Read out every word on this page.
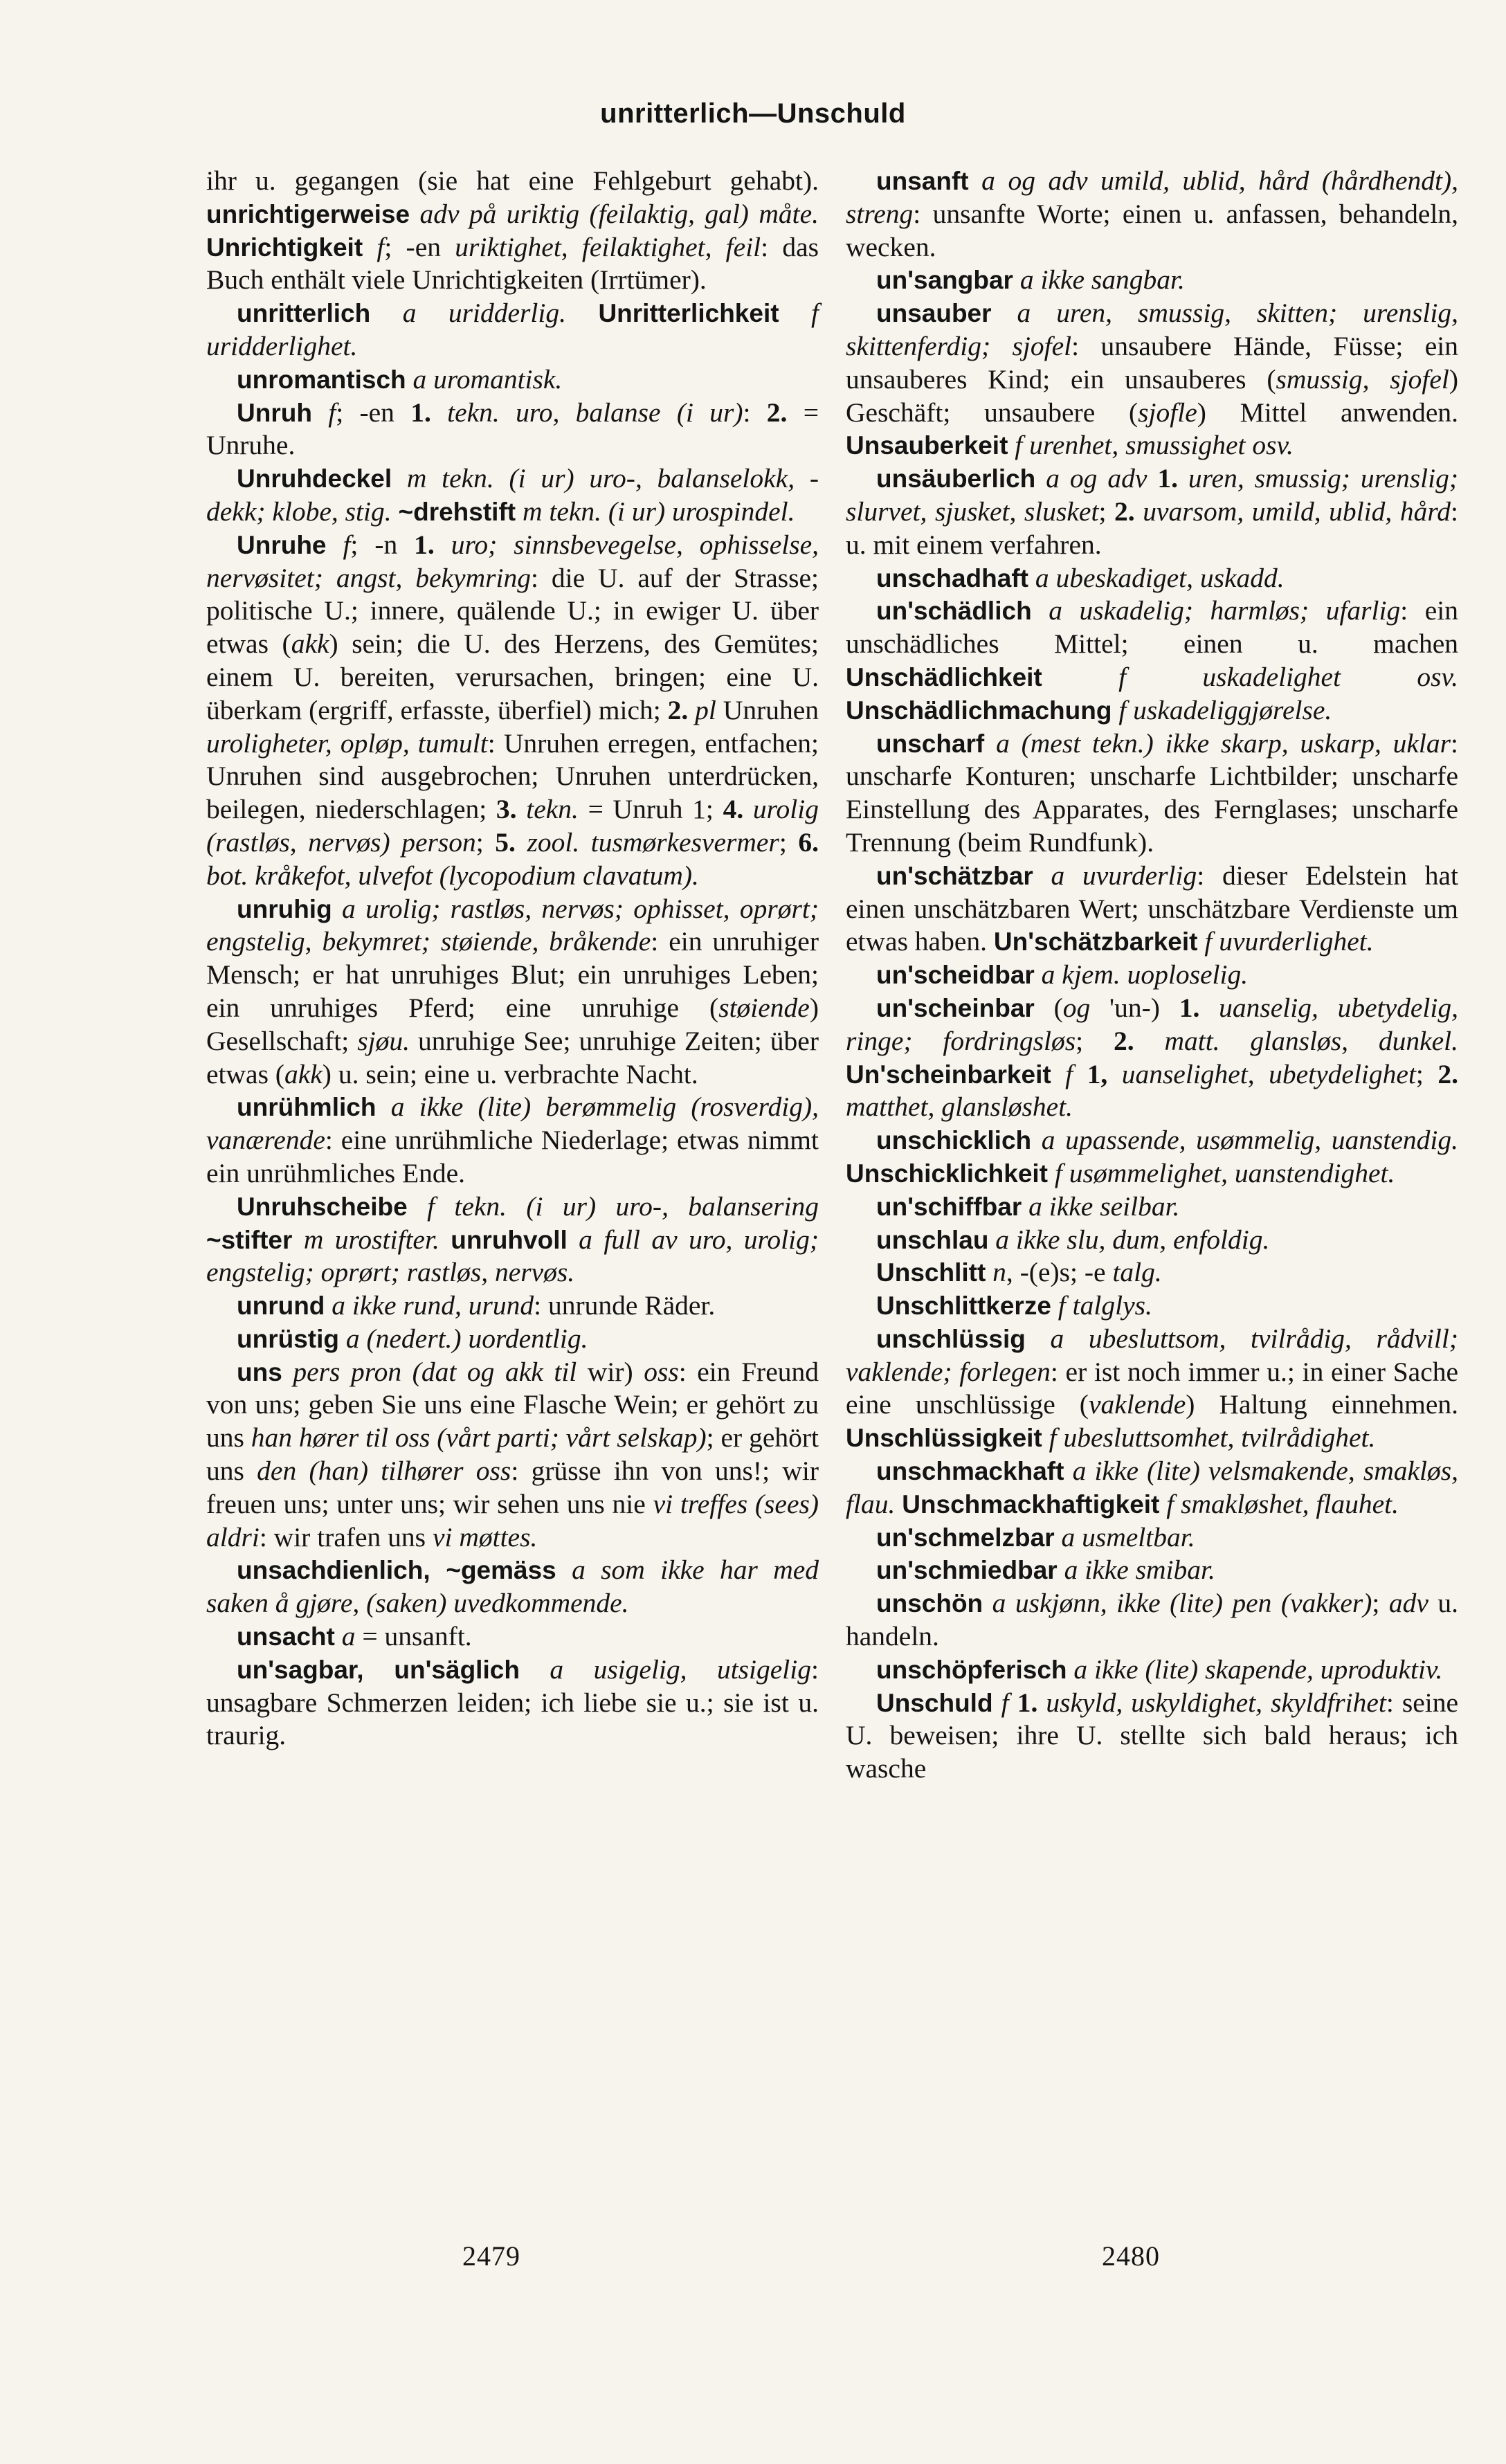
unritterlich—Unschuld

ihr u. gegangen (sie hat eine Fehlgeburt gehabt). unrichtigerweise adv på uriktig (feilaktig, gal) måte. Unrichtigkeit f; -en uriktighet, feilaktighet, feil: das Buch enthält viele Unrichtigkeiten (Irrtümer).

unritterlich a uridderlig. Unritterlichkeit f uridderlighet.

unromantisch a uromantisk.

Unruh f; -en 1. tekn. uro, balanse (i ur): 2. = Unruhe.

Unruhdeckel m tekn. (i ur) uro-, balanselokk, -dekk; klobe, stig. ~drehstift m tekn. (i ur) urospindel.

Unruhe f; -n 1. uro; sinnsbevegelse, ophisselse, nervøsitet; angst, bekymring: die U. auf der Strasse; politische U.; innere, quälende U.; in ewiger U. über etwas (akk) sein; die U. des Herzens, des Gemütes; einem U. bereiten, verursachen, bringen; eine U. überkam (ergriff, erfasste, überfiel) mich; 2. pl Unruhen uroligheter, opløp, tumult: Unruhen erregen, entfachen; Unruhen sind ausgebrochen; Unruhen unterdrücken, beilegen, niederschlagen; 3. tekn. = Unruh 1; 4. urolig (rastløs, nervøs) person; 5. zool. tusmørkesvermer; 6. bot. kråkefot, ulvefot (lycopodium clavatum).

unruhig a urolig; rastløs, nervøs; ophisset, oprørt; engstelig, bekymret; støiende, bråkende: ein unruhiger Mensch; er hat unruhiges Blut; ein unruhiges Leben; ein unruhiges Pferd; eine unruhige (støiende) Gesellschaft; sjøu. unruhige See; unruhige Zeiten; über etwas (akk) u. sein; eine u. verbrachte Nacht.

unrühmlich a ikke (lite) berømmelig (rosverdig), vanærende: eine unrühmliche Niederlage; etwas nimmt ein unrühmliches Ende.

Unruhscheibe f tekn. (i ur) uro-, balansering ~stifter m urostifter. unruhvoll a full av uro, urolig; engstelig; oprørt; rastløs, nervøs.

unrund a ikke rund, urund: unrunde Räder.

unrüstig a (nedert.) uordentlig.

uns pers pron (dat og akk til wir) oss: ein Freund von uns; geben Sie uns eine Flasche Wein; er gehört zu uns han hører til oss (vårt parti; vårt selskap); er gehört uns den (han) tilhører oss: grüsse ihn von uns!; wir freuen uns; unter uns; wir sehen uns nie vi treffes (sees) aldri: wir trafen uns vi møttes.

unsachdienlich, ~gemäss a som ikke har med saken å gjøre, (saken) uvedkommende.

unsacht a = unsanft.

un'sagbar, un'säglich a usigelig, utsigelig: unsagbare Schmerzen leiden; ich liebe sie u.; sie ist u. traurig.

unsanft a og adv umild, ublid, hård (hårdhendt), streng: unsanfte Worte; einen u. anfassen, behandeln, wecken.

un'sangbar a ikke sangbar.

unsauber a uren, smussig, skitten; urenslig, skittenferdig; sjofel: unsaubere Hände, Füsse; ein unsauberes Kind; ein unsauberes (smussig, sjofel) Geschäft; unsaubere (sjofle) Mittel anwenden. Unsauberkeit f urenhet, smussighet osv.

unsäuberlich a og adv 1. uren, smussig; urenslig; slurvet, sjusket, slusket; 2. uvarsom, umild, ublid, hård: u. mit einem verfahren.

unschadhaft a ubeskadiget, uskadd.

un'schädlich a uskadelig; harmløs; ufarlig: ein unschädliches Mittel; einen u. machen Unschädlichkeit	f uskadelighet osv. Unschädlichmachung f uskadeliggjørelse.

unscharf a (mest tekn.) ikke skarp, uskarp, uklar: unscharfe Konturen; unscharfe Lichtbilder; unscharfe Einstellung des Apparates, des Fernglases; unscharfe Trennung (beim Rundfunk).

un'schätzbar a uvurderlig: dieser Edelstein hat einen unschätzbaren Wert; unschätzbare Verdienste um etwas haben. Un'schätzbarkeit f uvurderlighet.

un'scheidbar a kjem. uoploselig.

un'scheinbar (og 'un-) 1. uanselig, ubetydelig, ringe; fordringsløs; 2. matt. glansløs, dunkel. Un'scheinbarkeit f 1, uanselighet, ubetydelighet; 2. matthet, glansløshet.

unschicklich a upassende, usømmelig, uanstendig. Unschicklichkeit f usømmelighet, uanstendighet.

un'schiffbar a ikke seilbar.

unschlau a ikke slu, dum, enfoldig.

Unschlitt n, -(e)s; -e talg.

Unschlittkerze f talglys.

unschlüssig a ubesluttsom, tvilrådig, rådvill; vaklende; forlegen: er ist noch immer u.; in einer Sache eine unschlüssige (vaklende) Haltung einnehmen. Unschlüssigkeit f ubesluttsomhet, tvilrådighet.

unschmackhaft a ikke (lite) velsmakende, smakløs, flau. Unschmackhaftigkeit f smakløshet, flauhet.

un'schmelzbar a usmeltbar.

un'schmiedbar a ikke smibar.

unschön a uskjønn, ikke (lite) pen (vakker); adv u. handeln.

unschöpferisch a ikke (lite) skapende, uproduktiv.

Unschuld f 1. uskyld, uskyldighet, skyldfrihet: seine U. beweisen; ihre U. stellte sich bald heraus; ich wasche

2479	2480
